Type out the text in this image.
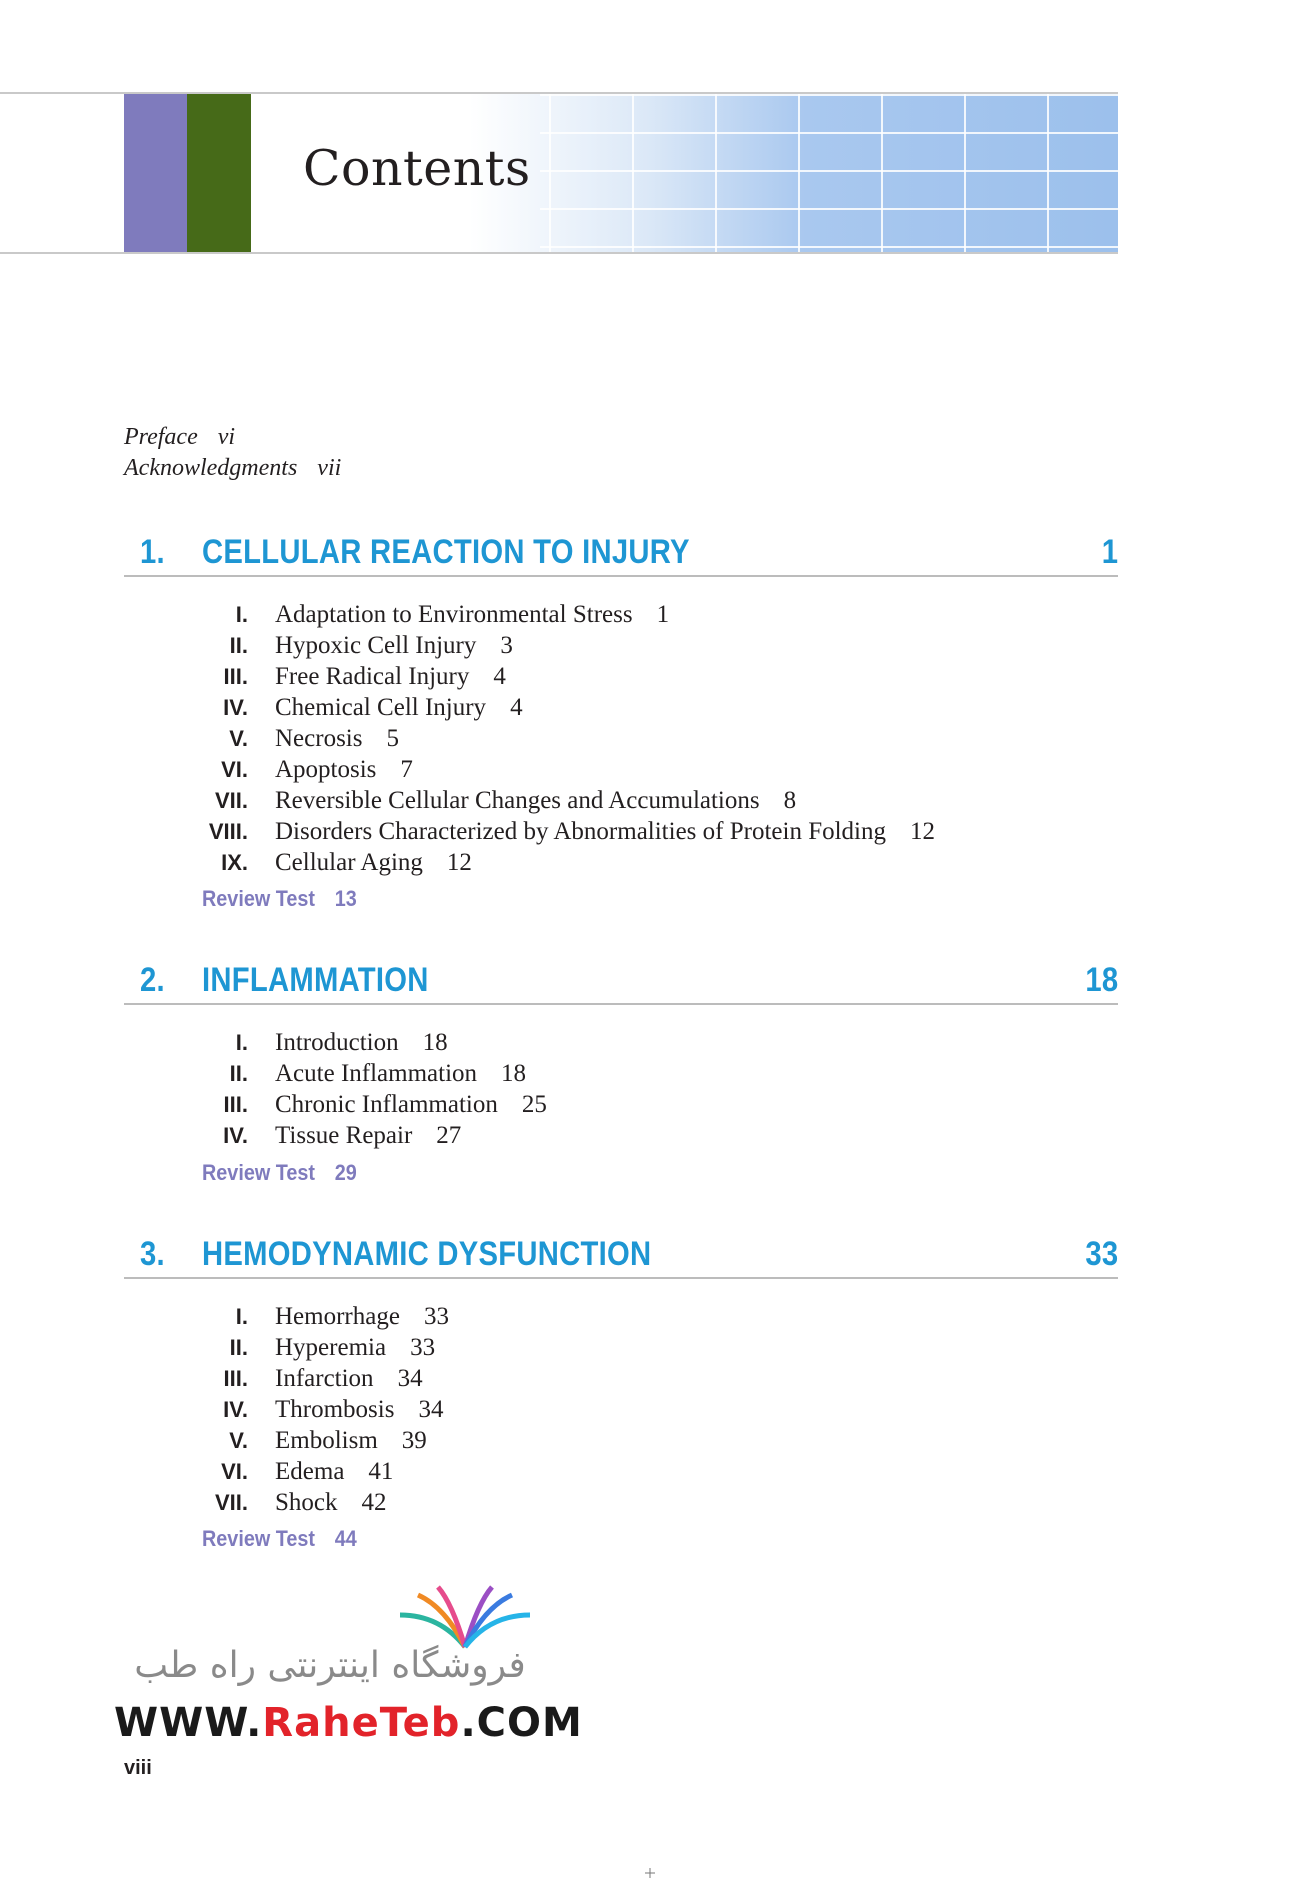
Contents
Preface vi
Acknowledgments vii
1. CELLULAR REACTION TO INJURY	1
I. Adaptation to Environmental Stress 1
II. Hypoxic Cell Injury 3
III. Free Radical Injury 4
IV. Chemical Cell Injury 4
V. Necrosis 5
VI. Apoptosis 7
VII. Reversible Cellular Changes and Accumulations 8
VIII. Disorders Characterized by Abnormalities of Protein Folding 12
IX. Cellular Aging 12
Review Test 13
2. INFLAMMATION	18
I. Introduction 18
II. Acute Inflammation 18
III. Chronic Inflammation 25
IV. Tissue Repair 27
Review Test 29
3. HEMODYNAMIC DYSFUNCTION	33
I. Hemorrhage 33
II. Hyperemia 33
III. Infarction 34
IV. Thrombosis 34
V. Embolism 39
VI. Edema 41
VII. Shock 42
Review Test 44
فروشگاه اینترنتی راه طب
WWW.RaheTeb.COM
viii
